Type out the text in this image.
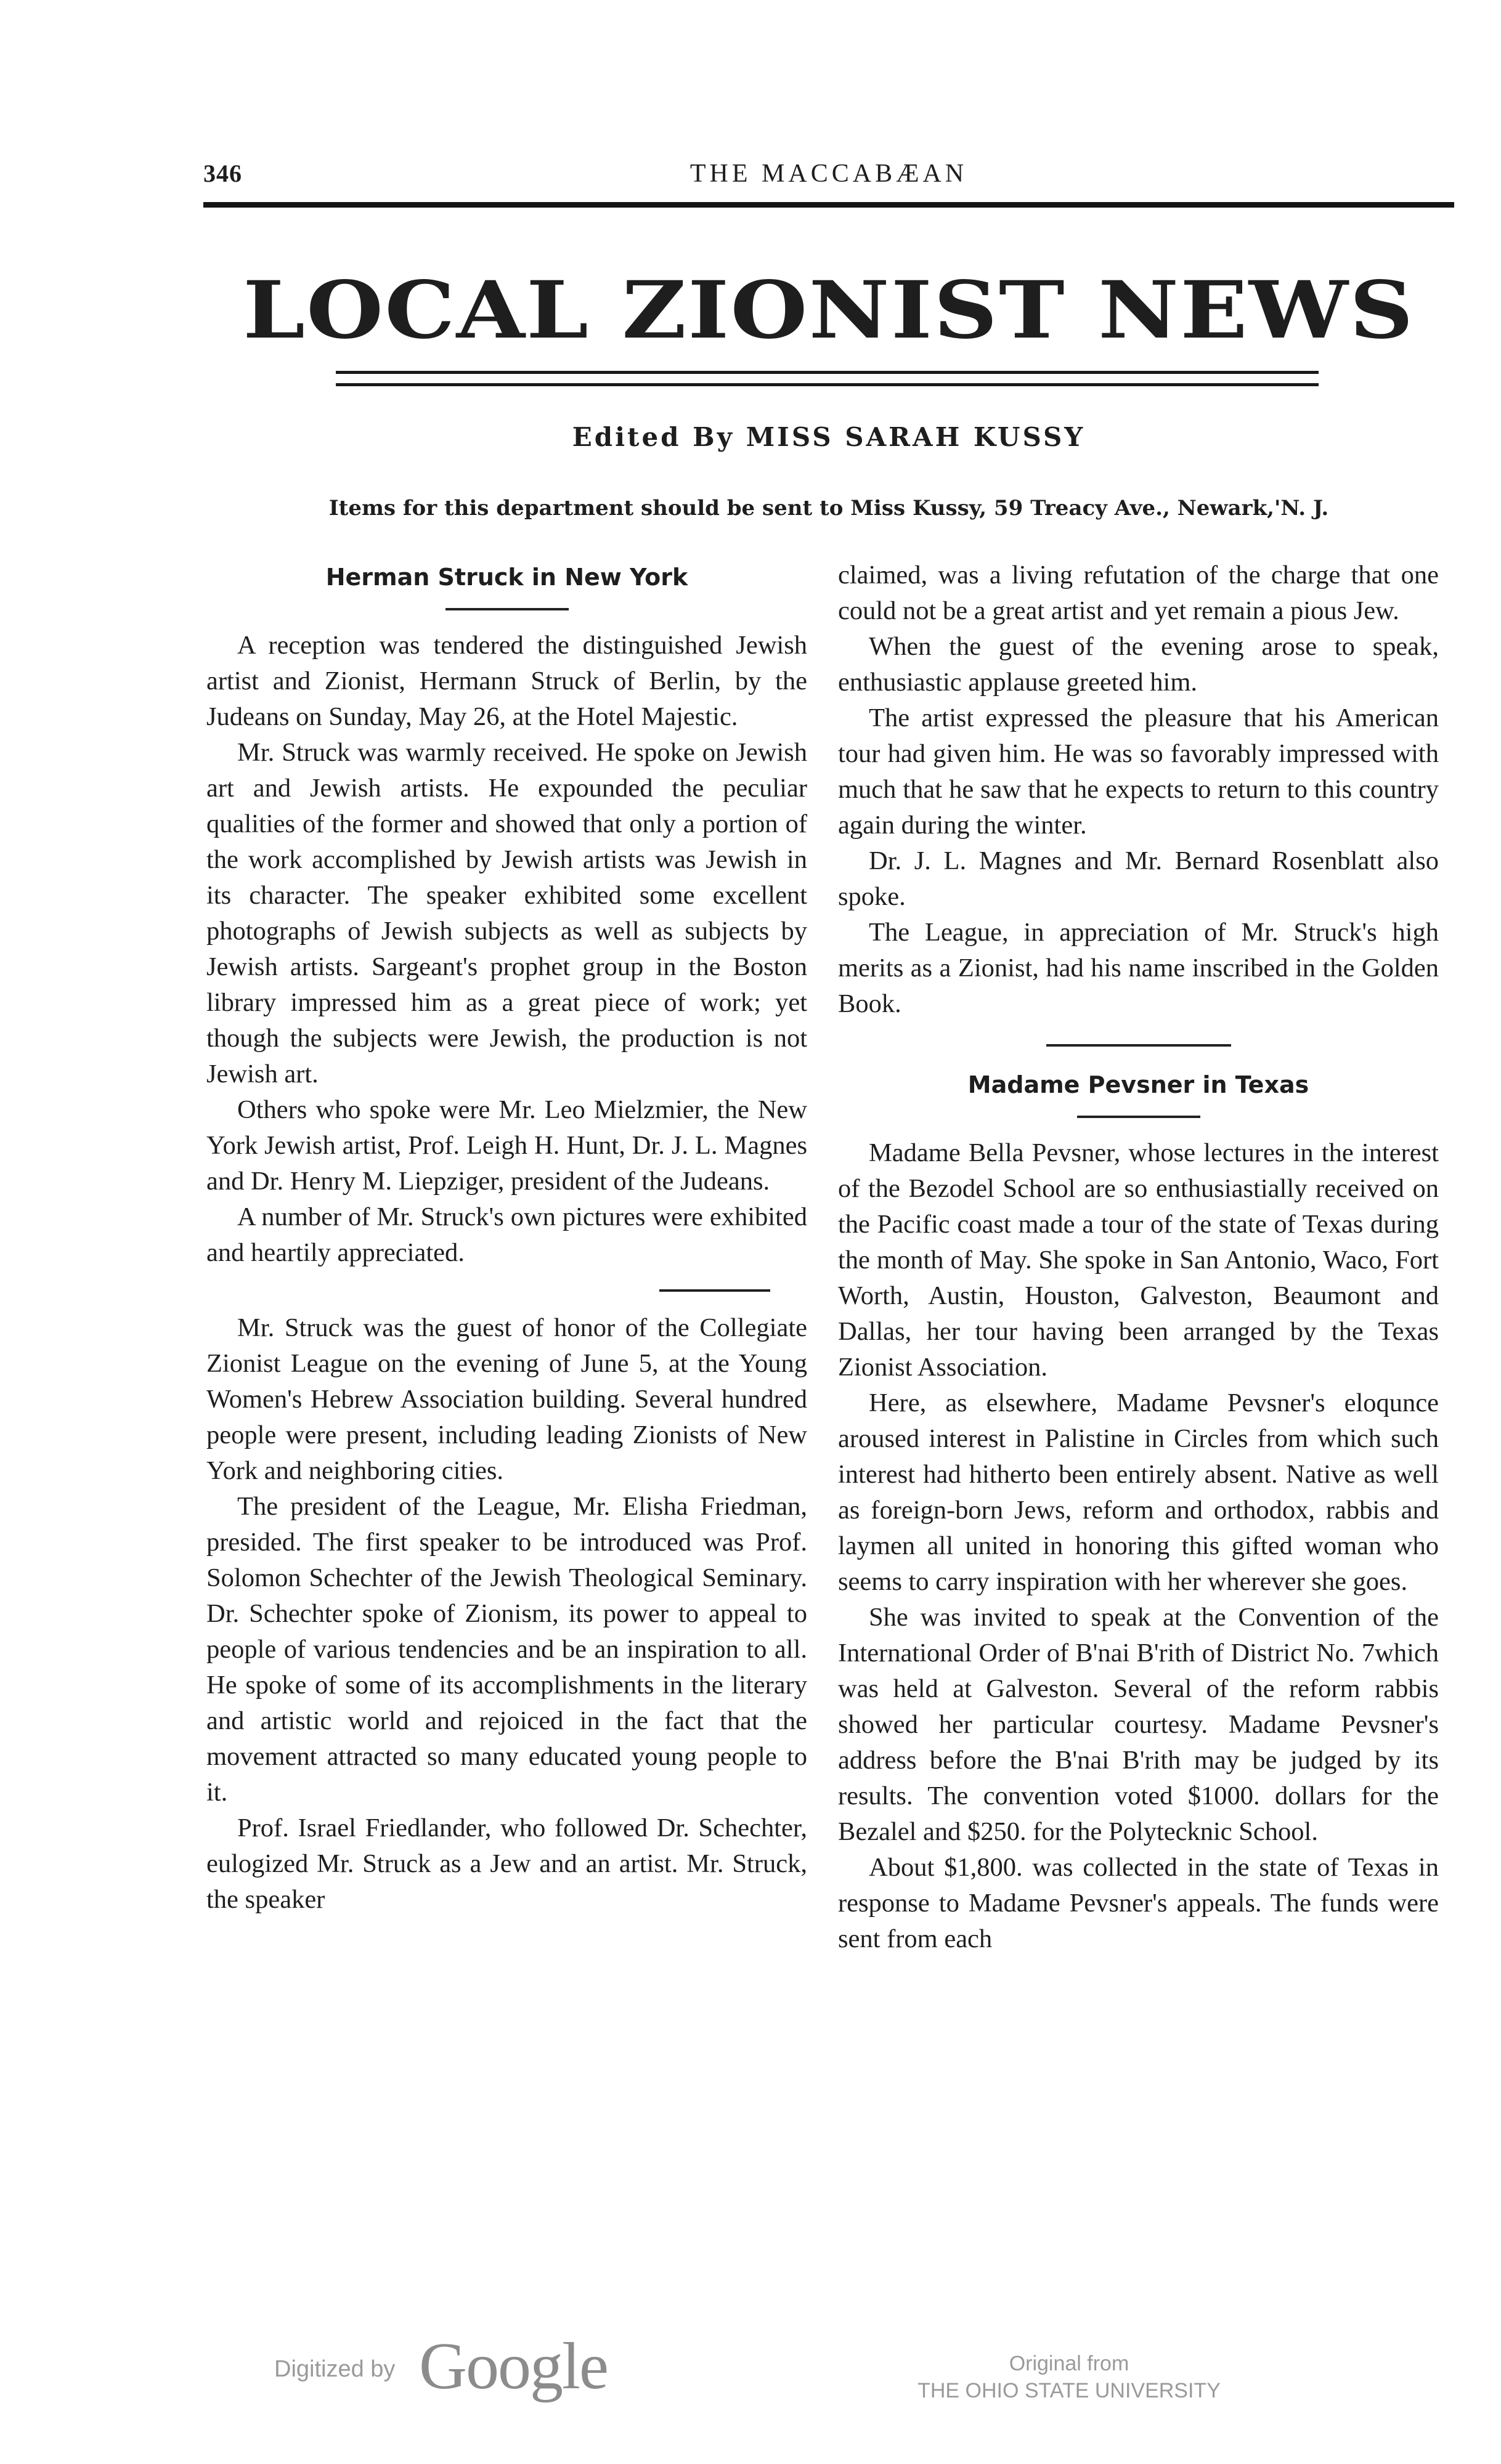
346	THE MACCABÆAN
LOCAL ZIONIST NEWS
Edited By MISS SARAH KUSSY
Items for this department should be sent to Miss Kussy, 59 Treacy Ave., Newark,'N. J.
Herman Struck in New York

A reception was tendered the distinguished Jewish artist and Zionist, Hermann Struck of Berlin, by the Judeans on Sunday, May 26, at the Hotel Majestic.

Mr. Struck was warmly received. He spoke on Jewish art and Jewish artists. He expounded the peculiar qualities of the former and showed that only a portion of the work accomplished by Jewish artists was Jewish in its character. The speaker exhibited some excellent photographs of Jewish subjects as well as subjects by Jewish artists. Sargeant's prophet group in the Boston library impressed him as a great piece of work; yet though the subjects were Jewish, the production is not Jewish art.

Others who spoke were Mr. Leo Mielzmier, the New York Jewish artist, Prof. Leigh H. Hunt, Dr. J. L. Magnes and Dr. Henry M. Liepziger, president of the Judeans.

A number of Mr. Struck's own pictures were exhibited and heartily appreciated.

Mr. Struck was the guest of honor of the Collegiate Zionist League on the evening of June 5, at the Young Women's Hebrew Association building. Several hundred people were present, including leading Zionists of New York and neighboring cities.

The president of the League, Mr. Elisha Friedman, presided. The first speaker to be introduced was Prof. Solomon Schechter of the Jewish Theological Seminary. Dr. Schechter spoke of Zionism, its power to appeal to people of various tendencies and be an inspiration to all. He spoke of some of its accomplishments in the literary and artistic world and rejoiced in the fact that the movement attracted so many educated young people to it.

Prof. Israel Friedlander, who followed Dr. Schechter, eulogized Mr. Struck as a Jew and an artist. Mr. Struck, the speaker

claimed, was a living refutation of the charge that one could not be a great artist and yet remain a pious Jew.

When the guest of the evening arose to speak, enthusiastic applause greeted him.

The artist expressed the pleasure that his American tour had given him. He was so favorably impressed with much that he saw that he expects to return to this country again during the winter.

Dr. J. L. Magnes and Mr. Bernard Rosenblatt also spoke.

The League, in appreciation of Mr. Struck's high merits as a Zionist, had his name inscribed in the Golden Book.

Madame Pevsner in Texas

Madame Bella Pevsner, whose lectures in the interest of the Bezodel School are so enthusiastially received on the Pacific coast made a tour of the state of Texas during the month of May. She spoke in San Antonio, Waco, Fort Worth, Austin, Houston, Galveston, Beaumont and Dallas, her tour having been arranged by the Texas Zionist Association.

Here, as elsewhere, Madame Pevsner's eloqunce aroused interest in Palistine in Circles from which such interest had hitherto been entirely absent. Native as well as foreign-born Jews, reform and orthodox, rabbis and laymen all united in honoring this gifted woman who seems to carry inspiration with her wherever she goes.

She was invited to speak at the Convention of the International Order of B'nai B'rith of District No. 7which was held at Galveston. Several of the reform rabbis showed her particular courtesy. Madame Pevsner's address before the B'nai B'rith may be judged by its results. The convention voted $1000. dollars for the Bezalel and $250. for the Polytecknic School.

About $1,800. was collected in the state of Texas in response to Madame Pevsner's appeals. The funds were sent from each

Digitized by Google	Original from
THE OHIO STATE UNIVERSITY
